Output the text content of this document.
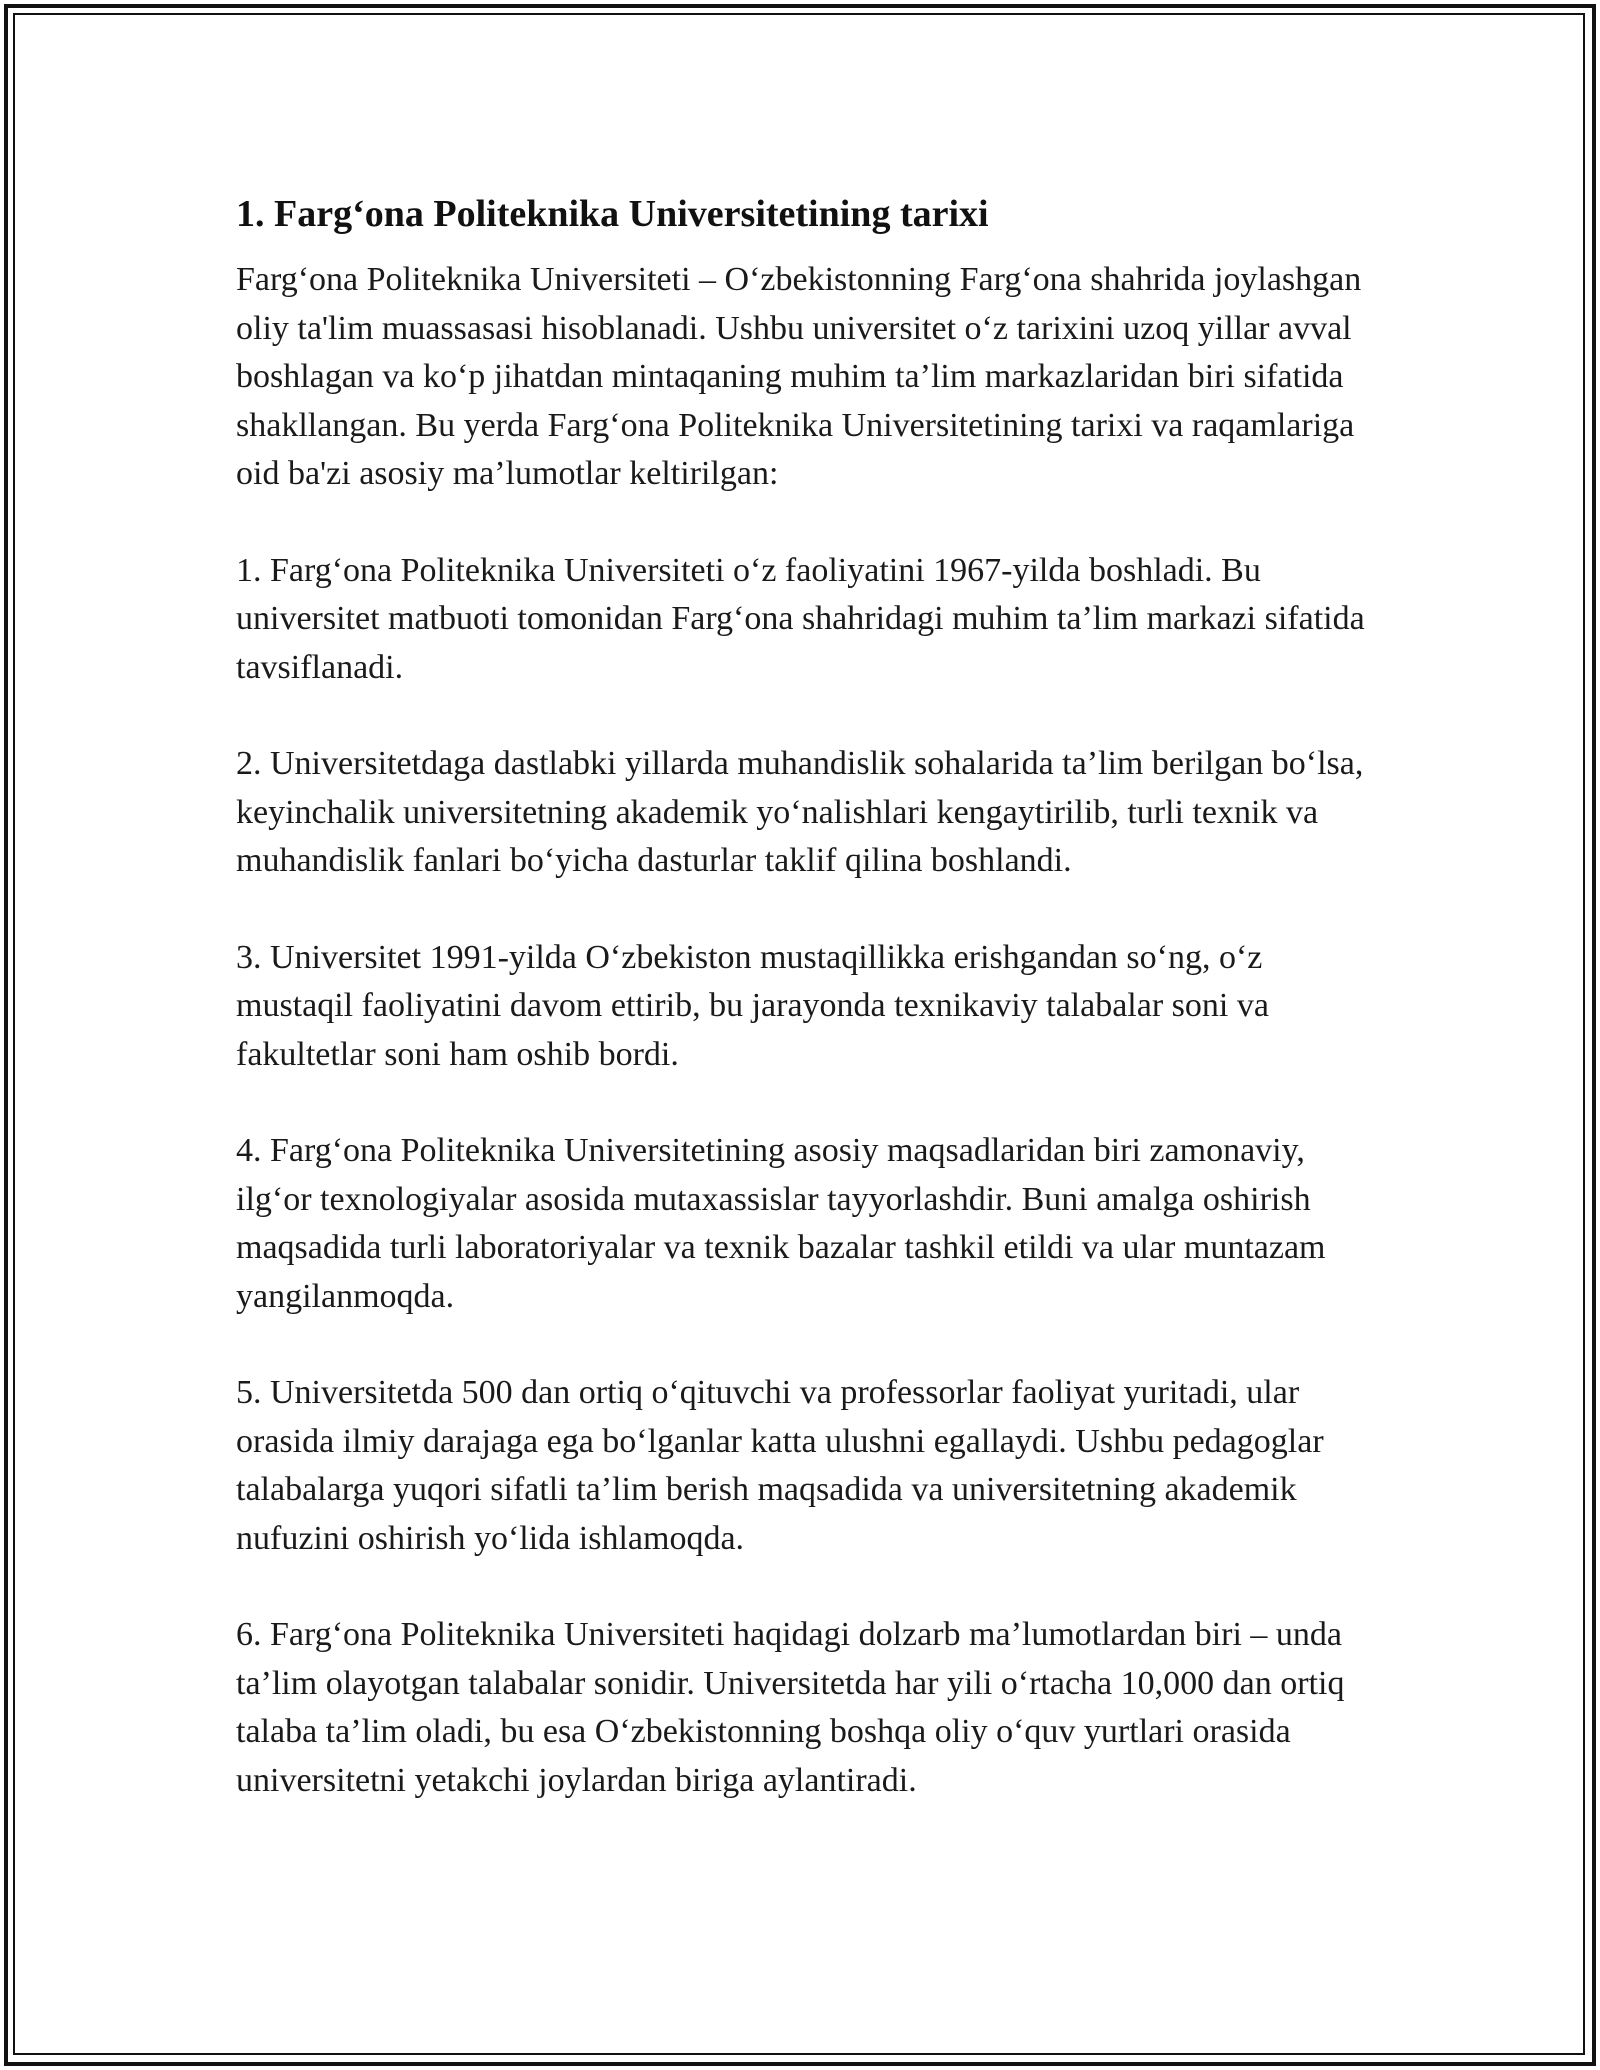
1. Farg‘ona Politeknika Universitetining tarixi

Farg‘ona Politeknika Universiteti – O‘zbekistonning Farg‘ona shahrida joylashgan oliy ta'lim muassasasi hisoblanadi. Ushbu universitet o‘z tarixini uzoq yillar avval boshlagan va ko‘p jihatdan mintaqaning muhim ta’lim markazlaridan biri sifatida shakllangan. Bu yerda Farg‘ona Politeknika Universitetining tarixi va raqamlariga oid ba'zi asosiy ma’lumotlar keltirilgan:

1. Farg‘ona Politeknika Universiteti o‘z faoliyatini 1967-yilda boshladi. Bu universitet matbuoti tomonidan Farg‘ona shahridagi muhim ta’lim markazi sifatida tavsiflanadi.

2. Universitetdaga dastlabki yillarda muhandislik sohalarida ta’lim berilgan bo‘lsa, keyinchalik universitetning akademik yo‘nalishlari kengaytirilib, turli texnik va muhandislik fanlari bo‘yicha dasturlar taklif qilina boshlandi.

3. Universitet 1991-yilda O‘zbekiston mustaqillikka erishgandan so‘ng, o‘z mustaqil faoliyatini davom ettirib, bu jarayonda texnikaviy talabalar soni va fakultetlar soni ham oshib bordi.

4. Farg‘ona Politeknika Universitetining asosiy maqsadlaridan biri zamonaviy, ilg‘or texnologiyalar asosida mutaxassislar tayyorlashdir. Buni amalga oshirish maqsadida turli laboratoriyalar va texnik bazalar tashkil etildi va ular muntazam yangilanmoqda.

5. Universitetda 500 dan ortiq o‘qituvchi va professorlar faoliyat yuritadi, ular orasida ilmiy darajaga ega bo‘lganlar katta ulushni egallaydi. Ushbu pedagoglar talabalarga yuqori sifatli ta’lim berish maqsadida va universitetning akademik nufuzini oshirish yo‘lida ishlamoqda.

6. Farg‘ona Politeknika Universiteti haqidagi dolzarb ma’lumotlardan biri – unda ta’lim olayotgan talabalar sonidir. Universitetda har yili o‘rtacha 10,000 dan ortiq talaba ta’lim oladi, bu esa O‘zbekistonning boshqa oliy o‘quv yurtlari orasida universitetni yetakchi joylardan biriga aylantiradi.
